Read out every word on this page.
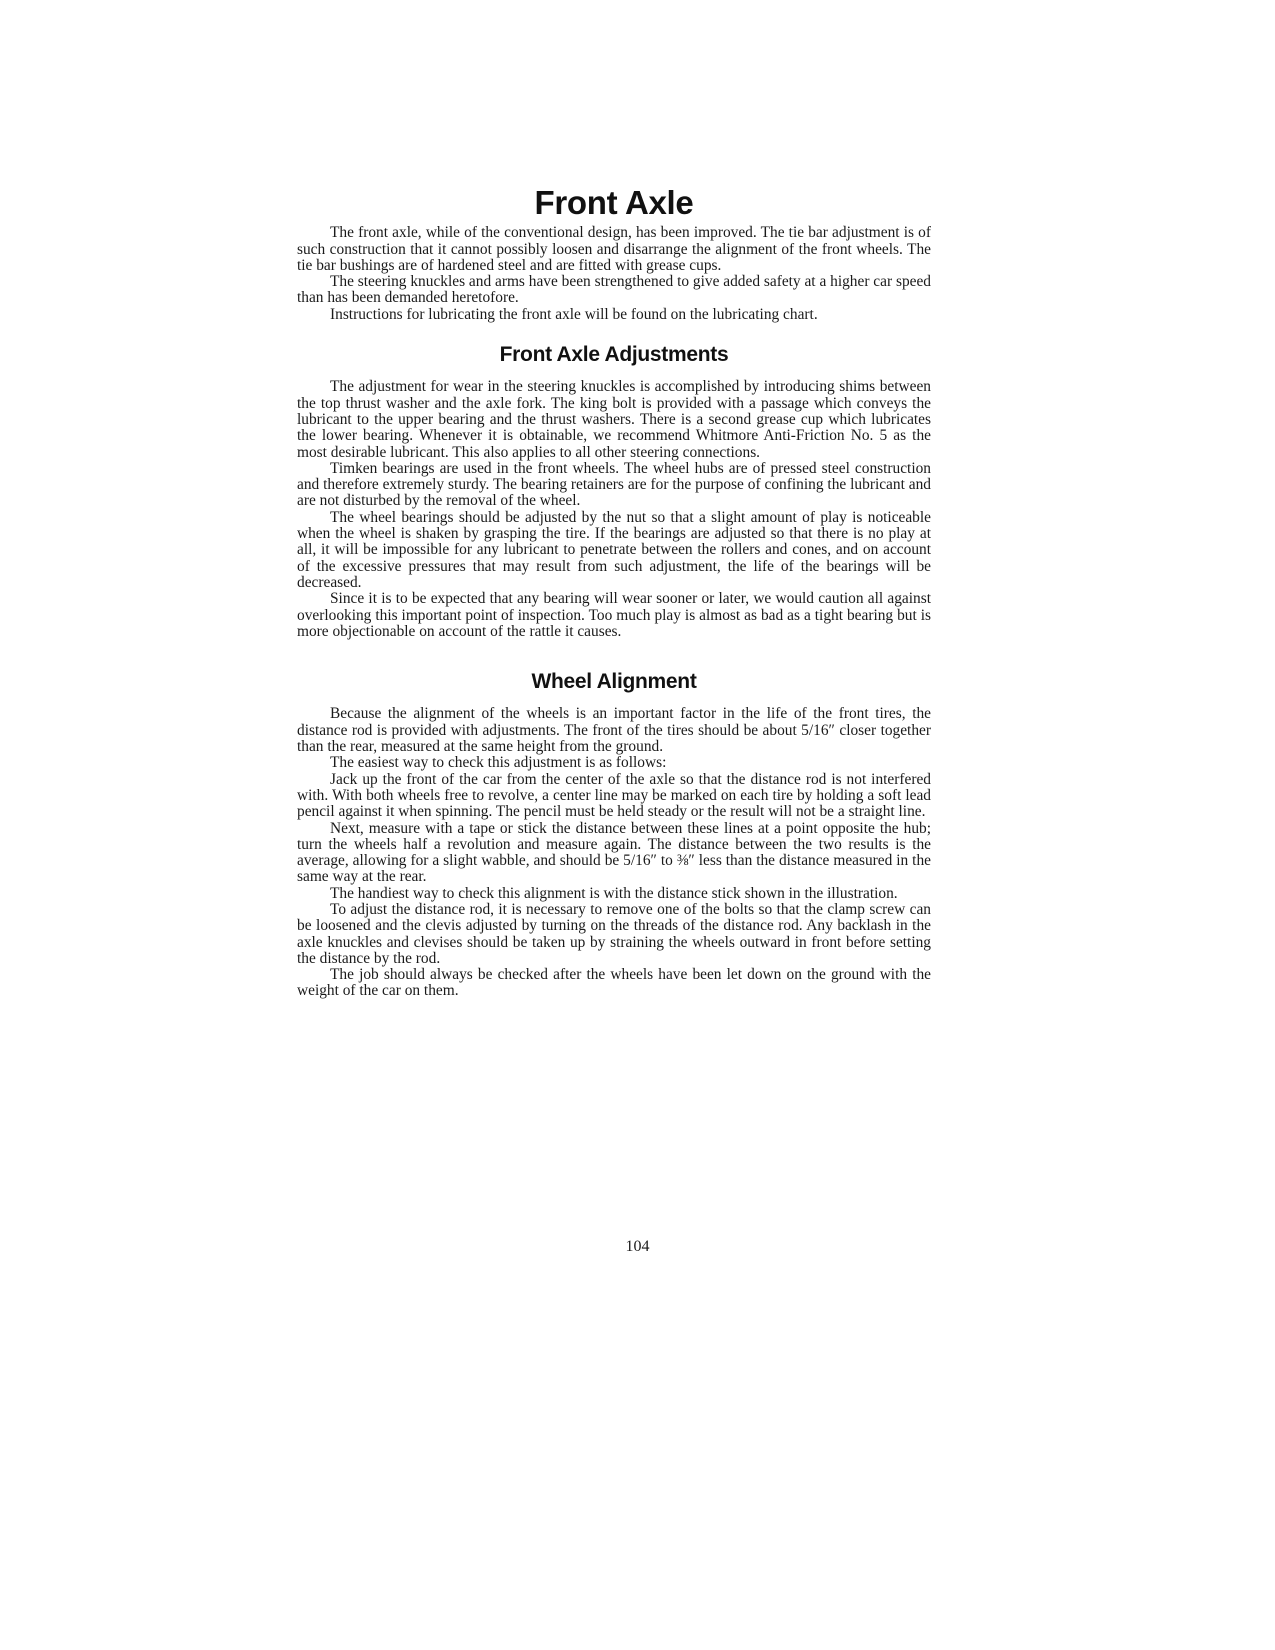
Front Axle

The front axle, while of the conventional design, has been improved. The tie bar adjustment is of such construction that it cannot possibly loosen and disarrange the alignment of the front wheels. The tie bar bushings are of hardened steel and are fitted with grease cups.

The steering knuckles and arms have been strengthened to give added safety at a higher car speed than has been demanded heretofore.

Instructions for lubricating the front axle will be found on the lubricating chart.

Front Axle Adjustments

The adjustment for wear in the steering knuckles is accomplished by introducing shims between the top thrust washer and the axle fork. The king bolt is provided with a passage which conveys the lubricant to the upper bearing and the thrust washers. There is a second grease cup which lubricates the lower bearing. Whenever it is obtainable, we recommend Whitmore Anti-Friction No. 5 as the most desirable lubricant. This also applies to all other steering connections.

Timken bearings are used in the front wheels. The wheel hubs are of pressed steel construction and therefore extremely sturdy. The bearing retainers are for the purpose of confining the lubricant and are not disturbed by the removal of the wheel.

The wheel bearings should be adjusted by the nut so that a slight amount of play is noticeable when the wheel is shaken by grasping the tire. If the bearings are adjusted so that there is no play at all, it will be impossible for any lubricant to penetrate between the rollers and cones, and on account of the excessive pressures that may result from such adjustment, the life of the bearings will be decreased.

Since it is to be expected that any bearing will wear sooner or later, we would caution all against overlooking this important point of inspection. Too much play is almost as bad as a tight bearing but is more objectionable on account of the rattle it causes.

Wheel Alignment

Because the alignment of the wheels is an important factor in the life of the front tires, the distance rod is provided with adjustments. The front of the tires should be about 5/16″ closer together than the rear, measured at the same height from the ground.

The easiest way to check this adjustment is as follows:

Jack up the front of the car from the center of the axle so that the distance rod is not interfered with. With both wheels free to revolve, a center line may be marked on each tire by holding a soft lead pencil against it when spinning. The pencil must be held steady or the result will not be a straight line.

Next, measure with a tape or stick the distance between these lines at a point opposite the hub; turn the wheels half a revolution and measure again. The distance between the two results is the average, allowing for a slight wabble, and should be 5/16″ to ⅜″ less than the distance measured in the same way at the rear.

The handiest way to check this alignment is with the distance stick shown in the illustration.

To adjust the distance rod, it is necessary to remove one of the bolts so that the clamp screw can be loosened and the clevis adjusted by turning on the threads of the distance rod. Any backlash in the axle knuckles and clevises should be taken up by straining the wheels outward in front before setting the distance by the rod.

The job should always be checked after the wheels have been let down on the ground with the weight of the car on them.

104
